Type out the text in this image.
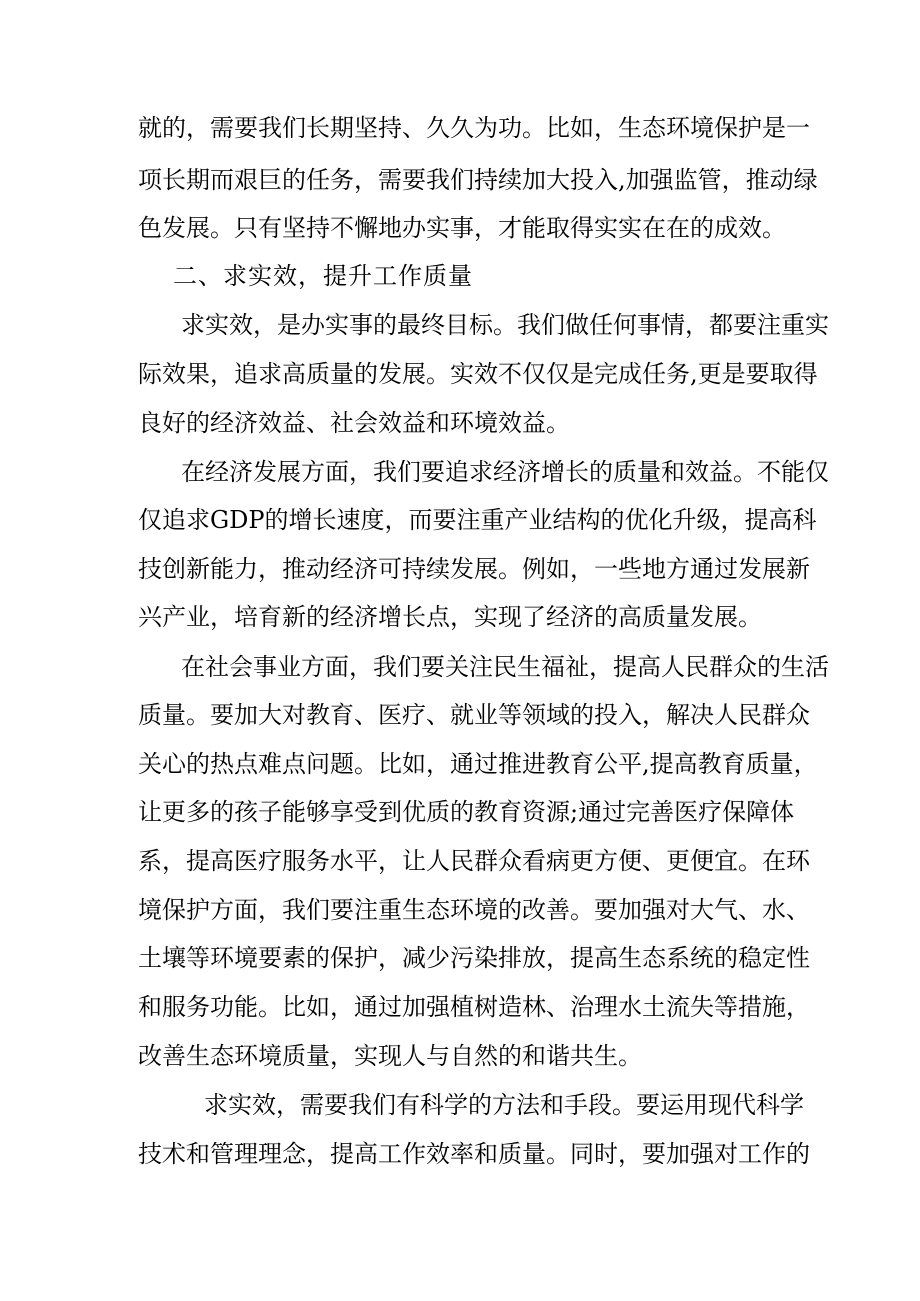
就的，需要我们长期坚持、久久为功。比如，生态环境保护是一
项长期而艰巨的任务，需要我们持续加大投入,加强监管，推动绿
色发展。只有坚持不懈地办实事，才能取得实实在在的成效。
二、求实效，提升工作质量
求实效，是办实事的最终目标。我们做任何事情，都要注重实
际效果，追求高质量的发展。实效不仅仅是完成任务,更是要取得
良好的经济效益、社会效益和环境效益。
在经济发展方面，我们要追求经济增长的质量和效益。不能仅
仅追求GDP的增长速度，而要注重产业结构的优化升级，提高科
技创新能力，推动经济可持续发展。例如，一些地方通过发展新
兴产业，培育新的经济增长点，实现了经济的高质量发展。
在社会事业方面，我们要关注民生福祉，提高人民群众的生活
质量。要加大对教育、医疗、就业等领域的投入，解决人民群众
关心的热点难点问题。比如，通过推进教育公平,提高教育质量，
让更多的孩子能够享受到优质的教育资源;通过完善医疗保障体
系，提高医疗服务水平，让人民群众看病更方便、更便宜。在环
境保护方面，我们要注重生态环境的改善。要加强对大气、水、
土壤等环境要素的保护，减少污染排放，提高生态系统的稳定性
和服务功能。比如，通过加强植树造林、治理水土流失等措施，
改善生态环境质量，实现人与自然的和谐共生。
求实效，需要我们有科学的方法和手段。要运用现代科学
技术和管理理念，提高工作效率和质量。同时，要加强对工作的
